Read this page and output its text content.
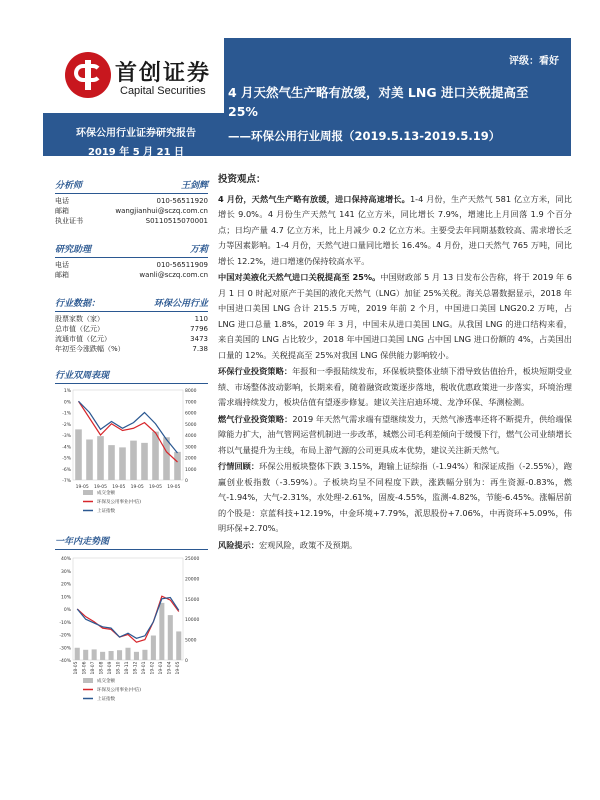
首创证券
Capital Securities
评级：看好
环保公用行业证券研究报告
2019 年 5 月 21 日
4 月天然气生产略有放缓，对美 LNG 进口关税提高至 25%
——环保公用行业周报（2019.5.13-2019.5.19）
分析师	王剑辉
电话	010-56511920
邮箱	wangjianhui@sczq.com.cn
执业证书	S0110515070001
研究助理	万莉
电话	010-56511909
邮箱	wanli@sczq.com.cn
行业数据：	环保公用行业
股票家数（家）	110
总市值（亿元）	7796
流通市值（亿元）	3473
年初至今涨跌幅（%）	7.38
行业双周表现
1%
0%
-1%
-2%
-3%
-4%
-5%
-6%
-7%
8000
7000
6000
5000
4000
3000
2000
1000
0
19-05 19-05 19-05 19-05 19-05 19-05
成交金额
环保及公用事业(中信)
上证指数
一年内走势图
40%
30%
20%
10%
0%
-10%
-20%
-30%
-40%
25000
20000
15000
10000
5000
0
18-05 18-06 18-07 18-08 18-09 18-10 18-11 18-12 19-01 19-02 19-03 19-04 19-05
成交金额
环保及公用事业(中信)
上证指数
投资观点：

4 月份，天然气生产略有放缓，进口保持高速增长。1-4 月份，生产天然气 581 亿立方米，同比增长 9.0%。4 月份生产天然气 141 亿立方米，同比增长 7.9%，增速比上月回落 1.9 个百分点；日均产量 4.7 亿立方米，比上月减少 0.2 亿立方米。主要受去年同期基数较高、需求增长乏力等因素影响。1-4 月份，天然气进口量同比增长 16.4%。4 月份，进口天然气 765 万吨，同比增长 12.2%，进口增速仍保持较高水平。

中国对美液化天然气进口关税提高至 25%。中国财政部 5 月 13 日发布公告称，将于 2019 年 6 月 1 日 0 时起对原产于美国的液化天然气（LNG）加征 25%关税。海关总署数据显示，2018 年中国进口美国 LNG 合计 215.5 万吨，2019 年前 2 个月，中国进口美国 LNG20.2 万吨，占 LNG 进口总量 1.8%，2019 年 3 月，中国未从进口美国 LNG。从我国 LNG 的进口结构来看，来自美国的 LNG 占比较少，2018 年中国进口美国 LNG 占中国 LNG 进口份额的 4%，占美国出口量的 12%。关税提高至 25%对我国 LNG 保供能力影响较小。

环保行业投资策略：年报和一季报陆续发布，环保板块整体业绩下滑导致估值抬升，板块短期受业绩、市场整体波动影响，长期来看，随着融资政策逐步落地，税收优惠政策进一步落实，环境治理需求端持续发力，板块估值有望逐步修复。建议关注启迪环境、龙净环保、华测检测。

燃气行业投资策略：2019 年天然气需求端有望继续发力，天然气渗透率还将不断提升，供给端保障能力扩大，油气管网运营机制进一步改革，城燃公司毛利差倾向于缓慢下行，燃气公司业绩增长将以气量提升为主线，布局上游气源的公司更具成本优势，建议关注新天然气。

行情回顾：环保公用板块整体下跌 3.15%，跑输上证综指（-1.94%）和深证成指（-2.55%），跑赢创业板指数（-3.59%）。子板块均呈不同程度下跌，涨跌幅分别为：再生资源-0.83%，燃气-1.94%，大气-2.31%，水处理-2.61%，固废-4.55%，监测-4.82%，节能-6.45%。涨幅居前的个股是：京蓝科技+12.19%，中金环境+7.79%，派思股份+7.06%，中再资环+5.09%，伟明环保+2.70%。

风险提示：宏观风险，政策不及预期。
